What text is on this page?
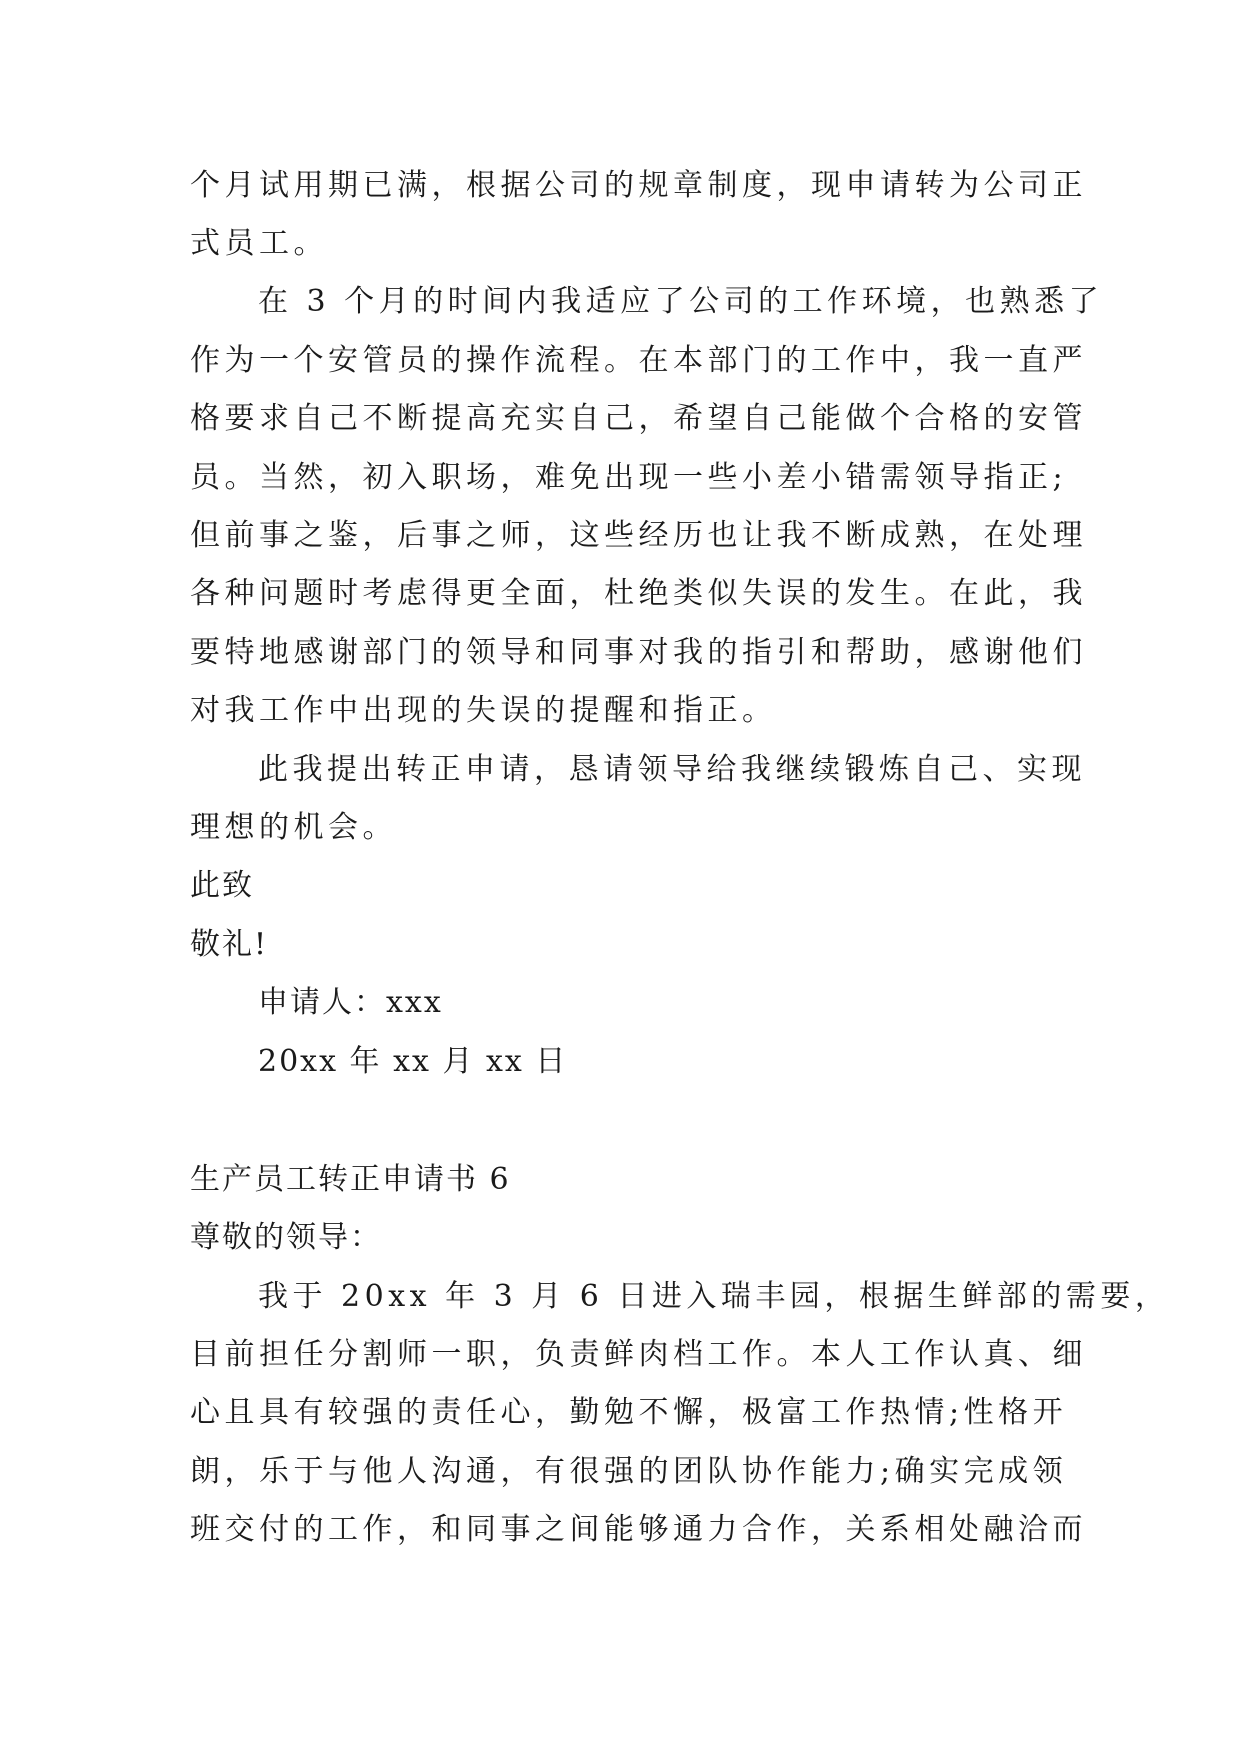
个月试用期已满，根据公司的规章制度，现申请转为公司正
式员工。
在 3 个月的时间内我适应了公司的工作环境，也熟悉了
作为一个安管员的操作流程。在本部门的工作中，我一直严
格要求自己不断提高充实自己，希望自己能做个合格的安管
员。当然，初入职场，难免出现一些小差小错需领导指正;
但前事之鉴，后事之师，这些经历也让我不断成熟，在处理
各种问题时考虑得更全面，杜绝类似失误的发生。在此，我
要特地感谢部门的领导和同事对我的指引和帮助，感谢他们
对我工作中出现的失误的提醒和指正。
此我提出转正申请，恳请领导给我继续锻炼自己、实现
理想的机会。
此致
敬礼!
申请人：xxx
20xx 年 xx 月 xx 日
生产员工转正申请书 6
尊敬的领导：
我于 20xx 年 3 月 6 日进入瑞丰园，根据生鲜部的需要，
目前担任分割师一职，负责鲜肉档工作。本人工作认真、细
心且具有较强的责任心，勤勉不懈，极富工作热情;性格开
朗，乐于与他人沟通，有很强的团队协作能力;确实完成领
班交付的工作，和同事之间能够通力合作，关系相处融洽而
